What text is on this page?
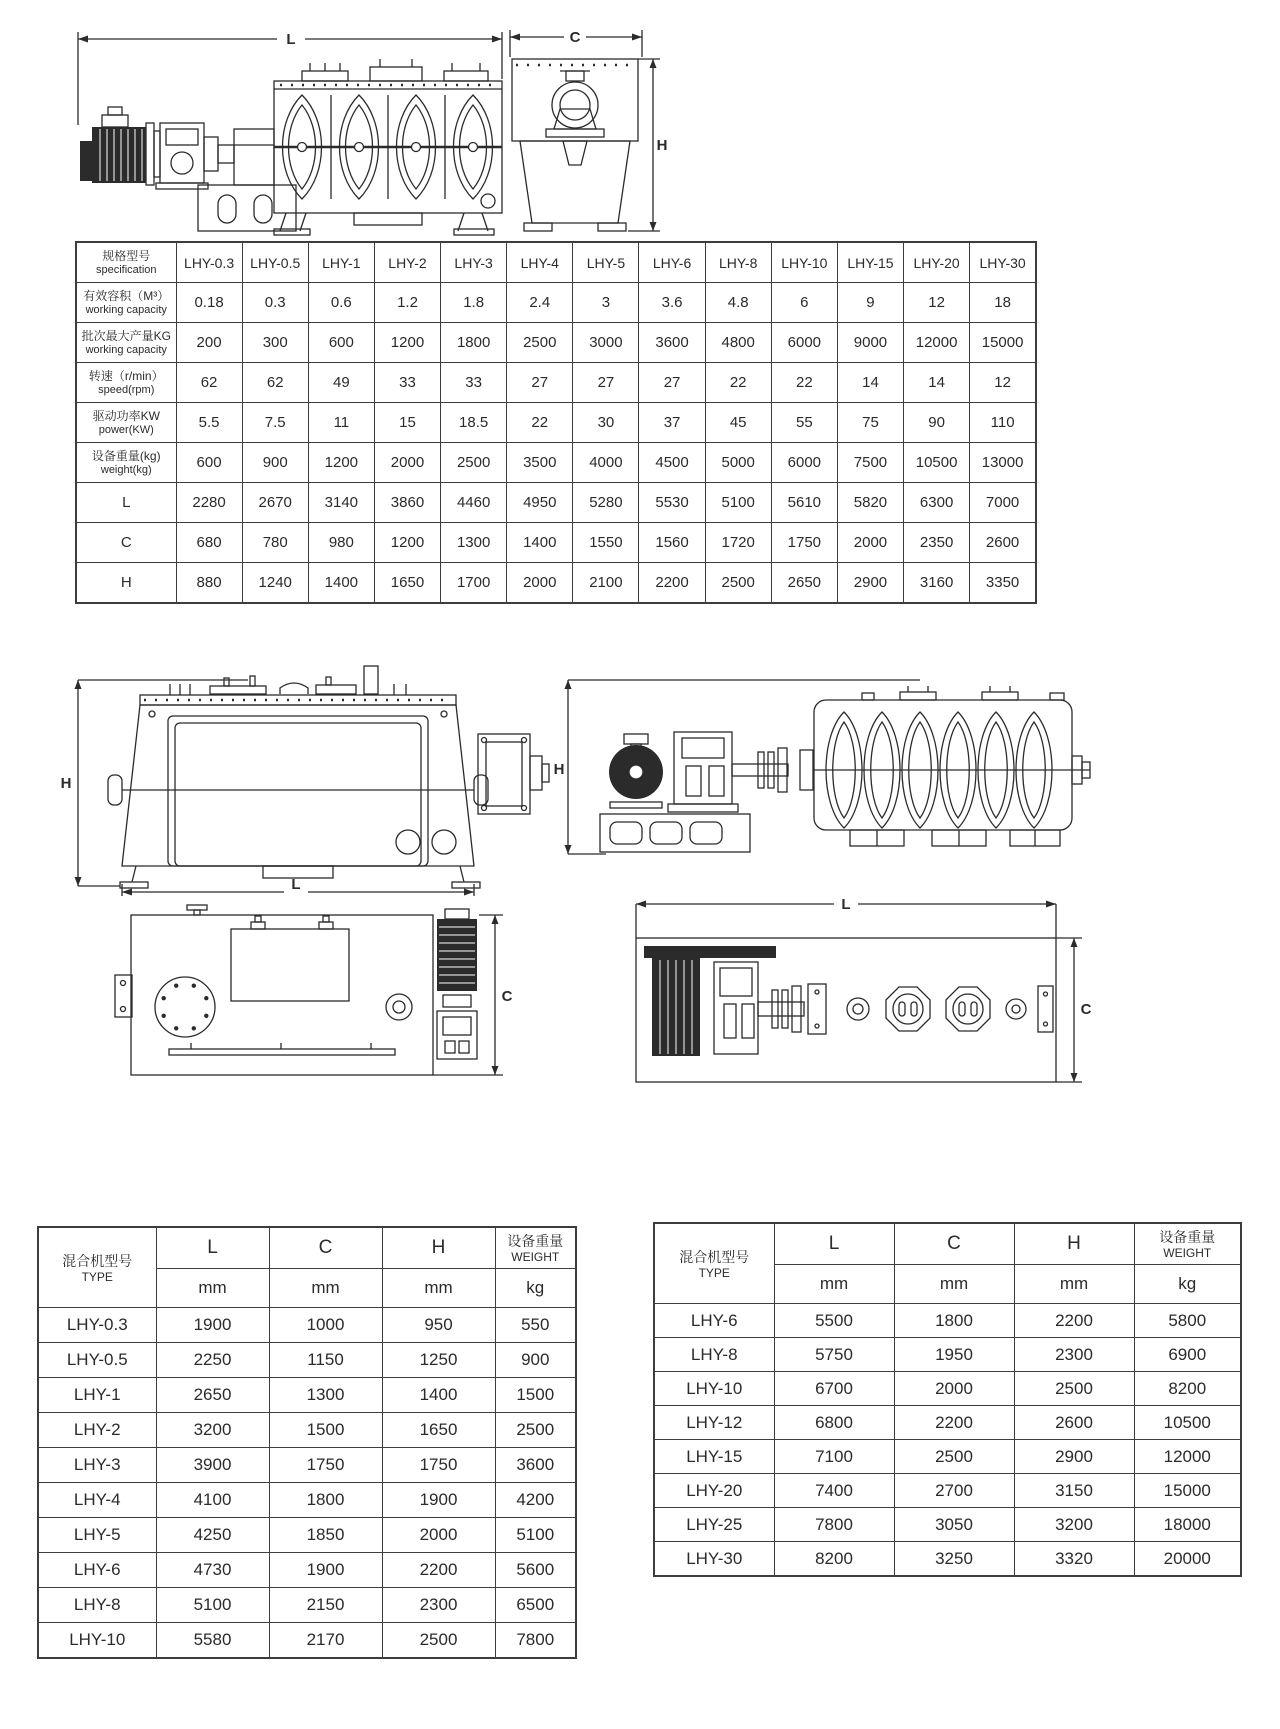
L	C
H
规格型号
specification	LHY-0.3	LHY-0.5	LHY-1	LHY-2	LHY-3	LHY-4	LHY-5	LHY-6	LHY-8	LHY-10	LHY-15	LHY-20	LHY-30

有效容积（M³）
working capacity	0.18	0.3	0.6	1.2	1.8	2.4	3	3.6	4.8	6	9	12	18

批次最大产量KG
working capacity	200	300	600	1200	1800	2500	3000	3600	4800	6000	9000	12000	15000

转速（r/min）
speed(rpm)	62	62	49	33	33	27	27	27	22	22	14	14	12

驱动功率KW
power(KW)	5.5	7.5	11	15	18.5	22	30	37	45	55	75	90	110

设备重量(kg)
weight(kg)	600	900	1200	2000	2500	3500	4000	4500	5000	6000	7500	10500	13000
L	2280	2670	3140	3860	4460	4950	5280	5530	5100	5610	5820	6300	7000
C	680	780	980	1200	1300	1400	1550	1560	1720	1750	2000	2350	2600
H	880	1240	1400	1650	1700	2000	2100	2200	2500	2650	2900	3160	3350
H
L
H
C
L
C
混合机型号
TYPE
	L	C	H	设备重量
WEIGHT

	mm	mm	mm	kg
LHY-0.3	1900	1000	950	550
LHY-0.5	2250	1150	1250	900
LHY-1	2650	1300	1400	1500
LHY-2	3200	1500	1650	2500
LHY-3	3900	1750	1750	3600
LHY-4	4100	1800	1900	4200
LHY-5	4250	1850	2000	5100
LHY-6	4730	1900	2200	5600
LHY-8	5100	2150	2300	6500
LHY-10	5580	2170	2500	7800
混合机型号
TYPE
	L	C	H	设备重量
WEIGHT

	mm	mm	mm	kg
LHY-6	5500	1800	2200	5800
LHY-8	5750	1950	2300	6900
LHY-10	6700	2000	2500	8200
LHY-12	6800	2200	2600	10500
LHY-15	7100	2500	2900	12000
LHY-20	7400	2700	3150	15000
LHY-25	7800	3050	3200	18000
LHY-30	8200	3250	3320	20000
